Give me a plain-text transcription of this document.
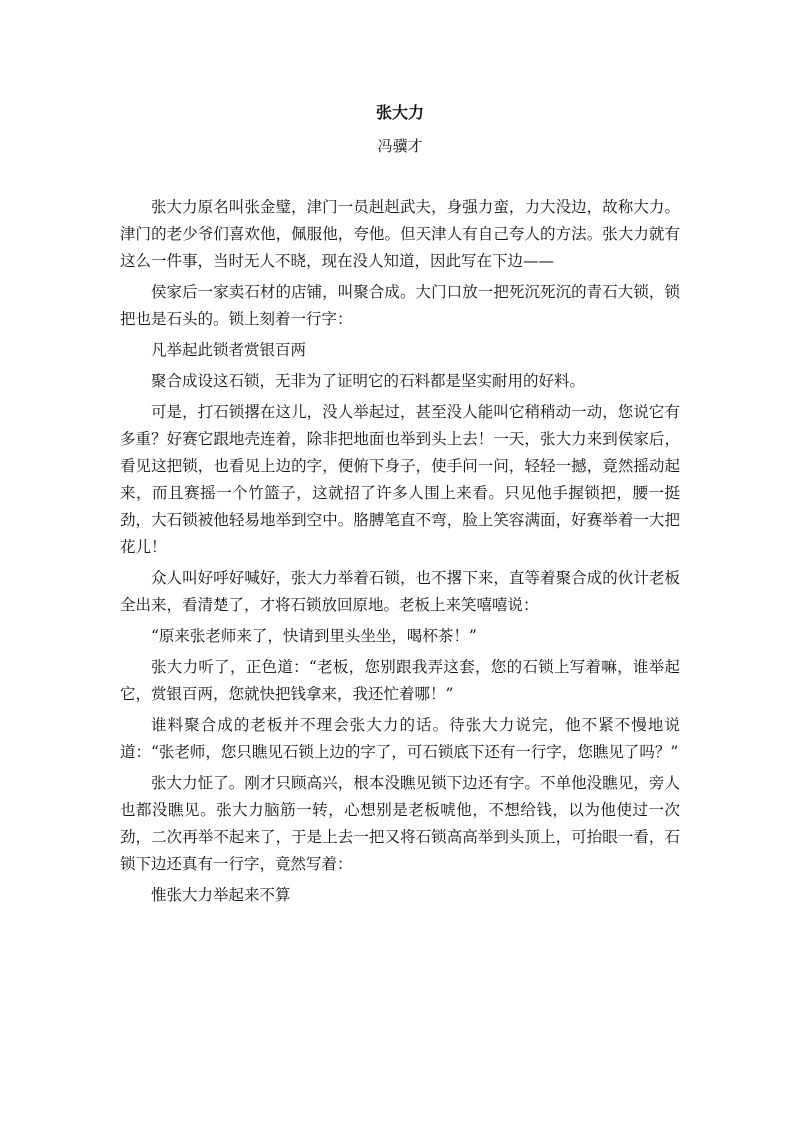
张大力
冯骥才

张大力原名叫张金璧，津门一员赳赳武夫，身强力蛮，力大没边，故称大力。津门的老少爷们喜欢他，佩服他，夸他。但天津人有自己夸人的方法。张大力就有这么一件事，当时无人不晓，现在没人知道，因此写在下边——

侯家后一家卖石材的店铺，叫聚合成。大门口放一把死沉死沉的青石大锁，锁把也是石头的。锁上刻着一行字：

凡举起此锁者赏银百两

聚合成设这石锁，无非为了证明它的石料都是坚实耐用的好料。

可是，打石锁撂在这儿，没人举起过，甚至没人能叫它稍稍动一动，您说它有多重？好赛它跟地壳连着，除非把地面也举到头上去！一天，张大力来到侯家后，看见这把锁，也看见上边的字，便俯下身子，使手问一问，轻轻一撼，竟然摇动起来，而且赛摇一个竹篮子，这就招了许多人围上来看。只见他手握锁把，腰一挺劲，大石锁被他轻易地举到空中。胳膊笔直不弯，脸上笑容满面，好赛举着一大把花儿！

众人叫好呼好喊好，张大力举着石锁，也不撂下来，直等着聚合成的伙计老板全出来，看清楚了，才将石锁放回原地。老板上来笑嘻嘻说：

“原来张老师来了，快请到里头坐坐，喝杯茶！”

张大力听了，正色道：“老板，您别跟我弄这套，您的石锁上写着嘛，谁举起它，赏银百两，您就快把钱拿来，我还忙着哪！”

谁料聚合成的老板并不理会张大力的话。待张大力说完，他不紧不慢地说道：“张老师，您只瞧见石锁上边的字了，可石锁底下还有一行字，您瞧见了吗？”

张大力怔了。刚才只顾高兴，根本没瞧见锁下边还有字。不单他没瞧见，旁人也都没瞧见。张大力脑筋一转，心想别是老板唬他，不想给钱，以为他使过一次劲，二次再举不起来了，于是上去一把又将石锁高高举到头顶上，可抬眼一看，石锁下边还真有一行字，竟然写着：

惟张大力举起来不算
